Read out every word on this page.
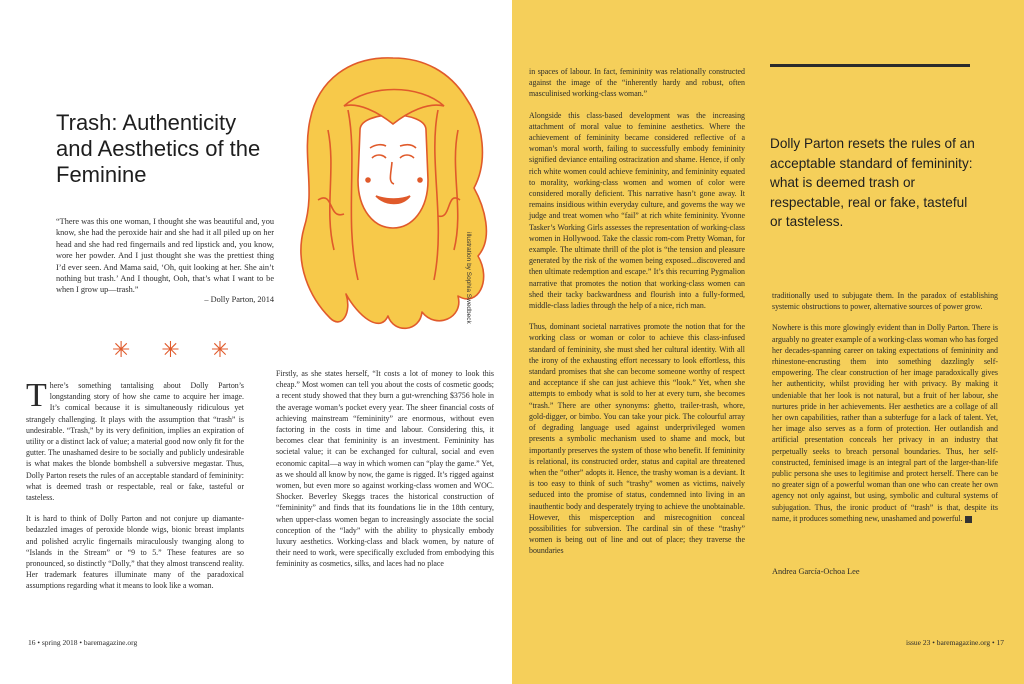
Trash: Authenticity and Aesthetics of the Feminine

“There was this one woman, I thought she was beautiful and, you know, she had the peroxide hair and she had it all piled up on her head and she had red fingernails and red lipstick and, you know, wore her powder. And I just thought she was the prettiest thing I’d ever seen. And Mama said, ‘Oh, quit looking at her. She ain’t nothing but trash.’ And I thought, Ooh, that’s what I want to be when I grow up—trash.”

– Dolly Parton, 2014

✳ ✳ ✳
illustration by Sophia Swedbeck

There’s something tantalising about Dolly Parton’s longstanding story of how she came to acquire her image. It’s comical because it is simultaneously ridiculous yet strangely challenging. It plays with the assumption that “trash” is undesirable. “Trash,” by its very definition, implies an expiration of utility or a distinct lack of value; a material good now only fit for the gutter. The unashamed desire to be socially and publicly undesirable is what makes the blonde bombshell a subversive megastar. Thus, Dolly Parton resets the rules of an acceptable standard of femininity: what is deemed trash or respectable, real or fake, tasteful or tasteless.

It is hard to think of Dolly Parton and not conjure up diamante-bedazzled images of peroxide blonde wigs, bionic breast implants and polished acrylic fingernails miraculously twanging along to “Islands in the Stream” or “9 to 5.” These features are so pronounced, so distinctly “Dolly,” that they almost transcend reality. Her trademark features illuminate many of the paradoxical assumptions regarding what it means to look like a woman.

Firstly, as she states herself, “It costs a lot of money to look this cheap.” Most women can tell you about the costs of cosmetic goods; a recent study showed that they burn a gut-wrenching $3756 hole in the average woman’s pocket every year. The sheer financial costs of achieving mainstream “femininity” are enormous, without even factoring in the costs in time and labour. Considering this, it becomes clear that femininity is an investment. Femininity has societal value; it can be exchanged for cultural, social and even economic capital—a way in which women can “play the game.” Yet, as we should all know by now, the game is rigged. It’s rigged against women, but even more so against working-class women and WOC. Shocker. Beverley Skeggs traces the historical construction of “femininity” and finds that its foundations lie in the 18th century, when upper-class women began to increasingly associate the social conception of the “lady” with the ability to physically embody luxury aesthetics. Working-class and black women, by nature of their need to work, were specifically excluded from embodying this femininity as cosmetics, silks, and laces had no place

in spaces of labour. In fact, femininity was relationally constructed against the image of the “inherently hardy and robust, often masculinised working-class woman.”

Alongside this class-based development was the increasing attachment of moral value to feminine aesthetics. Where the achievement of femininity became considered reflective of a woman’s moral worth, failing to successfully embody femininity signified deviance entailing ostracization and shame. Hence, if only rich white women could achieve femininity, and femininity equated to morality, working-class women and women of color were considered morally deficient. This narrative hasn’t gone away. It remains insidious within everyday culture, and governs the way we judge and treat women who “fail” at rich white femininity. Yvonne Tasker’s Working Girls assesses the representation of working-class women in Hollywood. Take the classic rom-com Pretty Woman, for example. The ultimate thrill of the plot is “the tension and pleasure generated by the risk of the women being exposed...discovered and then ultimate redemption and escape.” It’s this recurring Pygmalion narrative that promotes the notion that working-class women can shed their tacky backwardness and flourish into a fully-formed, middle-class ladies through the help of a nice, rich man.

Thus, dominant societal narratives promote the notion that for the working class or woman or color to achieve this class-infused standard of femininity, she must shed her cultural identity. With all the irony of the exhausting effort necessary to look effortless, this standard promises that she can become someone worthy of respect and acceptance if she can just achieve this “look.” Yet, when she attempts to embody what is sold to her at every turn, she becomes “trash.” There are other synonyms: ghetto, trailer-trash, whore, gold-digger, or bimbo. You can take your pick. The colourful array of degrading language used against underprivileged women presents a symbolic mechanism used to shame and mock, but importantly preserves the system of those who benefit. If femininity is relational, its constructed order, status and capital are threatened when the “other” adopts it. Hence, the trashy woman is a deviant. It is too easy to think of such “trashy” women as victims, naively seduced into the promise of status, condemned into living in an inauthentic body and desperately trying to achieve the unobtainable. However, this misperception and misrecognition conceal possibilities for subversion. The cardinal sin of these “trashy” women is being out of line and out of place; they traverse the boundaries

Dolly Parton resets the rules of an acceptable standard of femininity: what is deemed trash or respectable, real or fake, tasteful or tasteless.

traditionally used to subjugate them. In the paradox of establishing systemic obstructions to power, alternative sources of power grow.

Nowhere is this more glowingly evident than in Dolly Parton. There is arguably no greater example of a working-class woman who has forged her decades-spanning career on taking expectations of femininity and rhinestone-encrusting them into something dazzlingly self-empowering. The clear construction of her image paradoxically gives her authenticity, whilst providing her with privacy. By making it undeniable that her look is not natural, but a fruit of her labour, she nurtures pride in her achievements. Her aesthetics are a collage of all her own capabilities, rather than a subterfuge for a lack of talent. Yet, her image also serves as a form of protection. Her outlandish and artificial presentation conceals her privacy in an industry that perpetually seeks to breach personal boundaries. Thus, her self-constructed, feminised image is an integral part of the larger-than-life public persona she uses to legitimise and protect herself. There can be no greater sign of a powerful woman than one who can create her own agency not only against, but using, symbolic and cultural systems of subjugation. Thus, the ironic product of “trash” is that, despite its name, it produces something new, unashamed and powerful.

Andrea García-Ochoa Lee
16 • spring 2018 • baremagazine.org	issue 23 • baremagazine.org • 17
